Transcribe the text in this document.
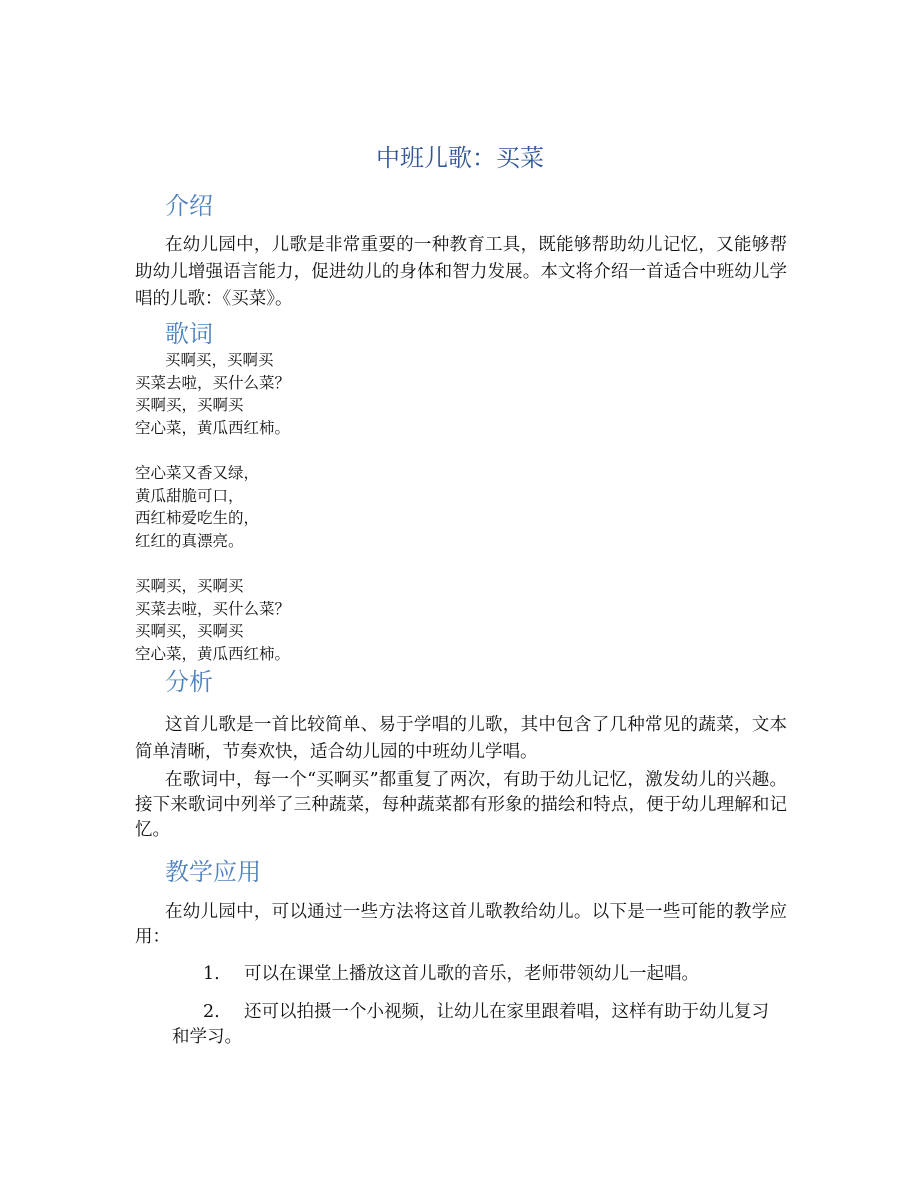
中班儿歌：买菜
介绍

在幼儿园中，儿歌是非常重要的一种教育工具，既能够帮助幼儿记忆，又能够帮助幼儿增强语言能力，促进幼儿的身体和智力发展。本文将介绍一首适合中班幼儿学唱的儿歌：《买菜》。

歌词
买啊买，买啊买
买菜去啦，买什么菜？
买啊买，买啊买
空心菜，黄瓜西红柿。
空心菜又香又绿，
黄瓜甜脆可口，
西红柿爱吃生的，
红红的真漂亮。
买啊买，买啊买
买菜去啦，买什么菜？
买啊买，买啊买
空心菜，黄瓜西红柿。
分析

这首儿歌是一首比较简单、易于学唱的儿歌，其中包含了几种常见的蔬菜，文本简单清晰，节奏欢快，适合幼儿园的中班幼儿学唱。

在歌词中，每一个“买啊买”都重复了两次，有助于幼儿记忆，激发幼儿的兴趣。接下来歌词中列举了三种蔬菜，每种蔬菜都有形象的描绘和特点，便于幼儿理解和记忆。

教学应用

在幼儿园中，可以通过一些方法将这首儿歌教给幼儿。以下是一些可能的教学应用：

1. 可以在课堂上播放这首儿歌的音乐，老师带领幼儿一起唱。
2. 还可以拍摄一个小视频，让幼儿在家里跟着唱，这样有助于幼儿复习
和学习。
